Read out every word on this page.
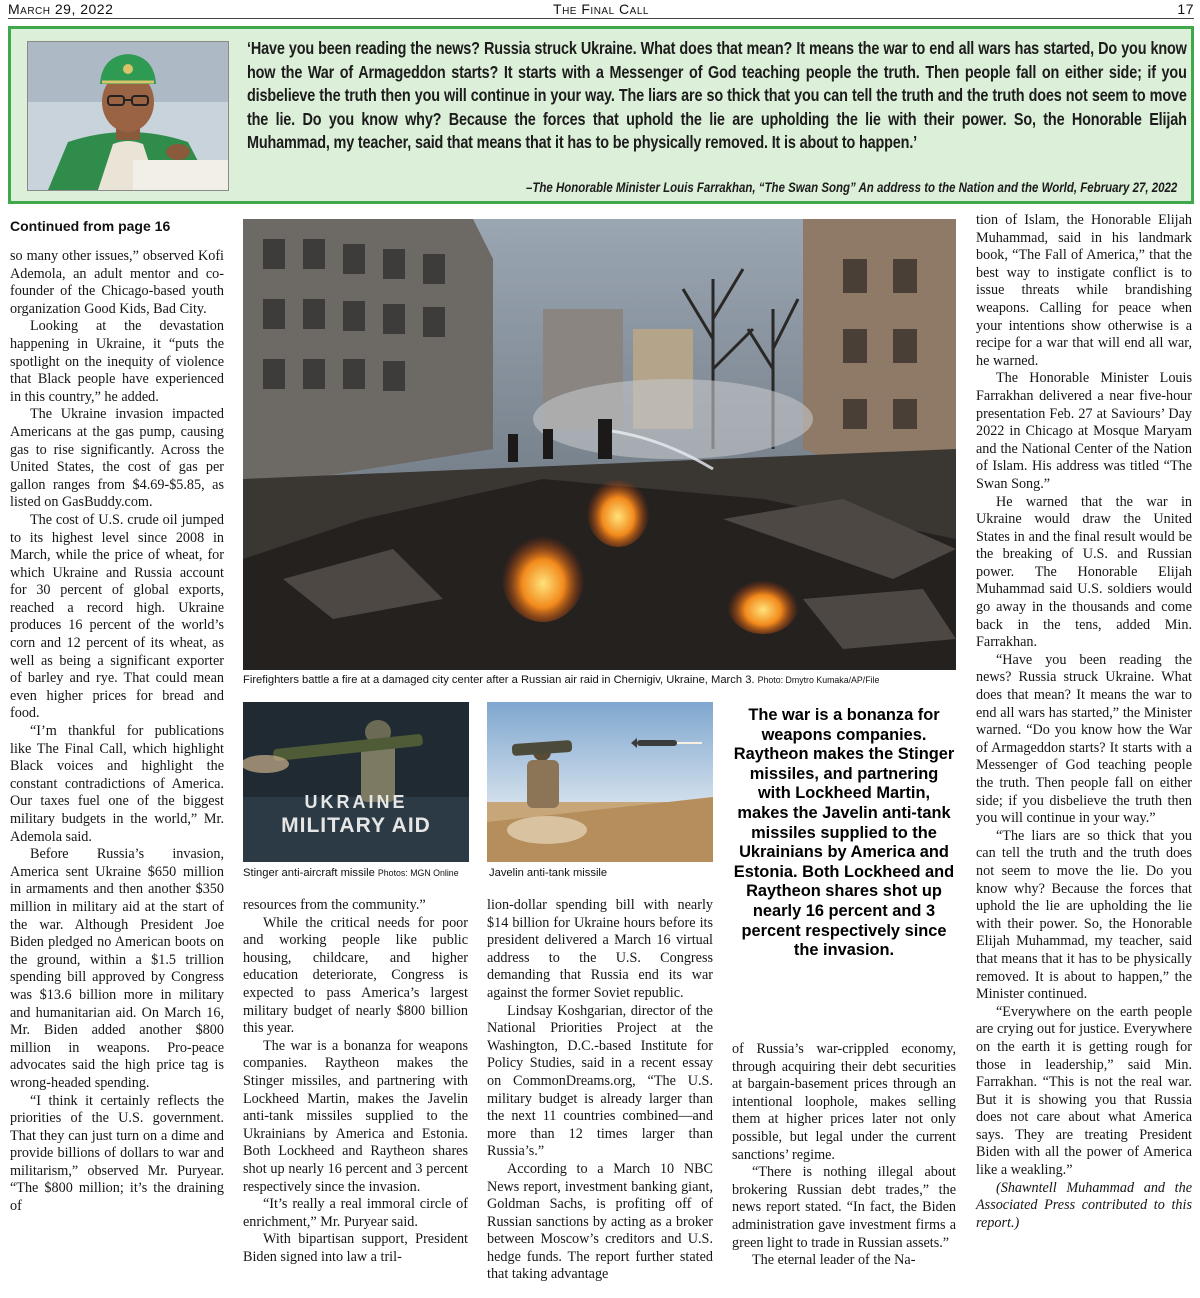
March 29, 2022	The Final Call	17
‘Have you been reading the news? Russia struck Ukraine. What does that mean? It means the war to end all wars has started, Do you know how the War of Armageddon starts? It starts with a Messenger of God teaching people the truth. Then people fall on either side; if you disbelieve the truth then you will continue in your way. The liars are so thick that you can tell the truth and the truth does not seem to move the lie. Do you know why? Because the forces that uphold the lie are upholding the lie with their power. So, the Honorable Elijah Muhammad, my teacher, said that means that it has to be physically removed. It is about to happen.’
–The Honorable Minister Louis Farrakhan, “The Swan Song” An address to the Nation and the World, February 27, 2022
Continued from page 16

so many other issues,” observed Kofi Ademola, an adult mentor and co-founder of the Chicago-based youth organization Good Kids, Bad City.

Looking at the devastation happening in Ukraine, it “puts the spotlight on the inequity of violence that Black people have experienced in this country,” he added.

The Ukraine invasion impacted Americans at the gas pump, causing gas to rise significantly. Across the United States, the cost of gas per gallon ranges from $4.69-$5.85, as listed on GasBuddy.com.

The cost of U.S. crude oil jumped to its highest level since 2008 in March, while the price of wheat, for which Ukraine and Russia account for 30 percent of global exports, reached a record high. Ukraine produces 16 percent of the world’s corn and 12 percent of its wheat, as well as being a significant exporter of barley and rye. That could mean even higher prices for bread and food.

“I’m thankful for publications like The Final Call, which highlight Black voices and highlight the constant contradictions of America. Our taxes fuel one of the biggest military budgets in the world,” Mr. Ademola said.

Before Russia’s invasion, America sent Ukraine $650 million in armaments and then another $350 million in military aid at the start of the war. Although President Joe Biden pledged no American boots on the ground, within a $1.5 trillion spending bill approved by Congress was $13.6 billion more in military and humanitarian aid. On March 16, Mr. Biden added another $800 million in weapons. Pro-peace advocates said the high price tag is wrong-headed spending.

“I think it certainly reflects the priorities of the U.S. government. That they can just turn on a dime and provide billions of dollars to war and militarism,” observed Mr. Puryear. “The $800 million; it’s the draining of

Firefighters battle a fire at a damaged city center after a Russian air raid in Chernigiv, Ukraine, March 3. Photo: Dmytro Kumaka/AP/File
UKRAINE
MILITARY AID
Stinger anti-aircraft missile Photos: MGN Online	Javelin anti-tank missile
The war is a bonanza for weapons companies. Raytheon makes the Stinger missiles, and partnering with Lockheed Martin, makes the Javelin anti-tank missiles supplied to the Ukrainians by America and Estonia. Both Lockheed and Raytheon shares shot up nearly 16 percent and 3 percent respectively since the invasion.

resources from the community.”

While the critical needs for poor and working people like public housing, childcare, and higher education deteriorate, Congress is expected to pass America’s largest military budget of nearly $800 billion this year.

The war is a bonanza for weapons companies. Raytheon makes the Stinger missiles, and partnering with Lockheed Martin, makes the Javelin anti-tank missiles supplied to the Ukrainians by America and Estonia. Both Lockheed and Raytheon shares shot up nearly 16 percent and 3 percent respectively since the invasion.

“It’s really a real immoral circle of enrichment,” Mr. Puryear said.

With bipartisan support, President Biden signed into law a tril-

lion-dollar spending bill with nearly $14 billion for Ukraine hours before its president delivered a March 16 virtual address to the U.S. Congress demanding that Russia end its war against the former Soviet republic.

Lindsay Koshgarian, director of the National Priorities Project at the Washington, D.C.-based Institute for Policy Studies, said in a recent essay on CommonDreams.org, “The U.S. military budget is already larger than the next 11 countries combined—and more than 12 times larger than Russia’s.”

According to a March 10 NBC News report, investment banking giant, Goldman Sachs, is profiting off of Russian sanctions by acting as a broker between Moscow’s creditors and U.S. hedge funds. The report further stated that taking advantage

of Russia’s war-crippled economy, through acquiring their debt securities at bargain-basement prices through an intentional loophole, makes selling them at higher prices later not only possible, but legal under the current sanctions’ regime.

“There is nothing illegal about brokering Russian debt trades,” the news report stated. “In fact, the Biden administration gave investment firms a green light to trade in Russian assets.”

The eternal leader of the Na-

tion of Islam, the Honorable Elijah Muhammad, said in his landmark book, “The Fall of America,” that the best way to instigate conflict is to issue threats while brandishing weapons. Calling for peace when your intentions show otherwise is a recipe for a war that will end all war, he warned.

The Honorable Minister Louis Farrakhan delivered a near five-hour presentation Feb. 27 at Saviours’ Day 2022 in Chicago at Mosque Maryam and the National Center of the Nation of Islam. His address was titled “The Swan Song.”

He warned that the war in Ukraine would draw the United States in and the final result would be the breaking of U.S. and Russian power. The Honorable Elijah Muhammad said U.S. soldiers would go away in the thousands and come back in the tens, added Min. Farrakhan.

“Have you been reading the news? Russia struck Ukraine. What does that mean? It means the war to end all wars has started,” the Minister warned. “Do you know how the War of Armageddon starts? It starts with a Messenger of God teaching people the truth. Then people fall on either side; if you disbelieve the truth then you will continue in your way.”

“The liars are so thick that you can tell the truth and the truth does not seem to move the lie. Do you know why? Because the forces that uphold the lie are upholding the lie with their power. So, the Honorable Elijah Muhammad, my teacher, said that means that it has to be physically removed. It is about to happen,” the Minister continued.

“Everywhere on the earth people are crying out for justice. Everywhere on the earth it is getting rough for those in leadership,” said Min. Farrakhan. “This is not the real war. But it is showing you that Russia does not care about what America says. They are treating President Biden with all the power of America like a weakling.”

(Shawntell Muhammad and the Associated Press contributed to this report.)
